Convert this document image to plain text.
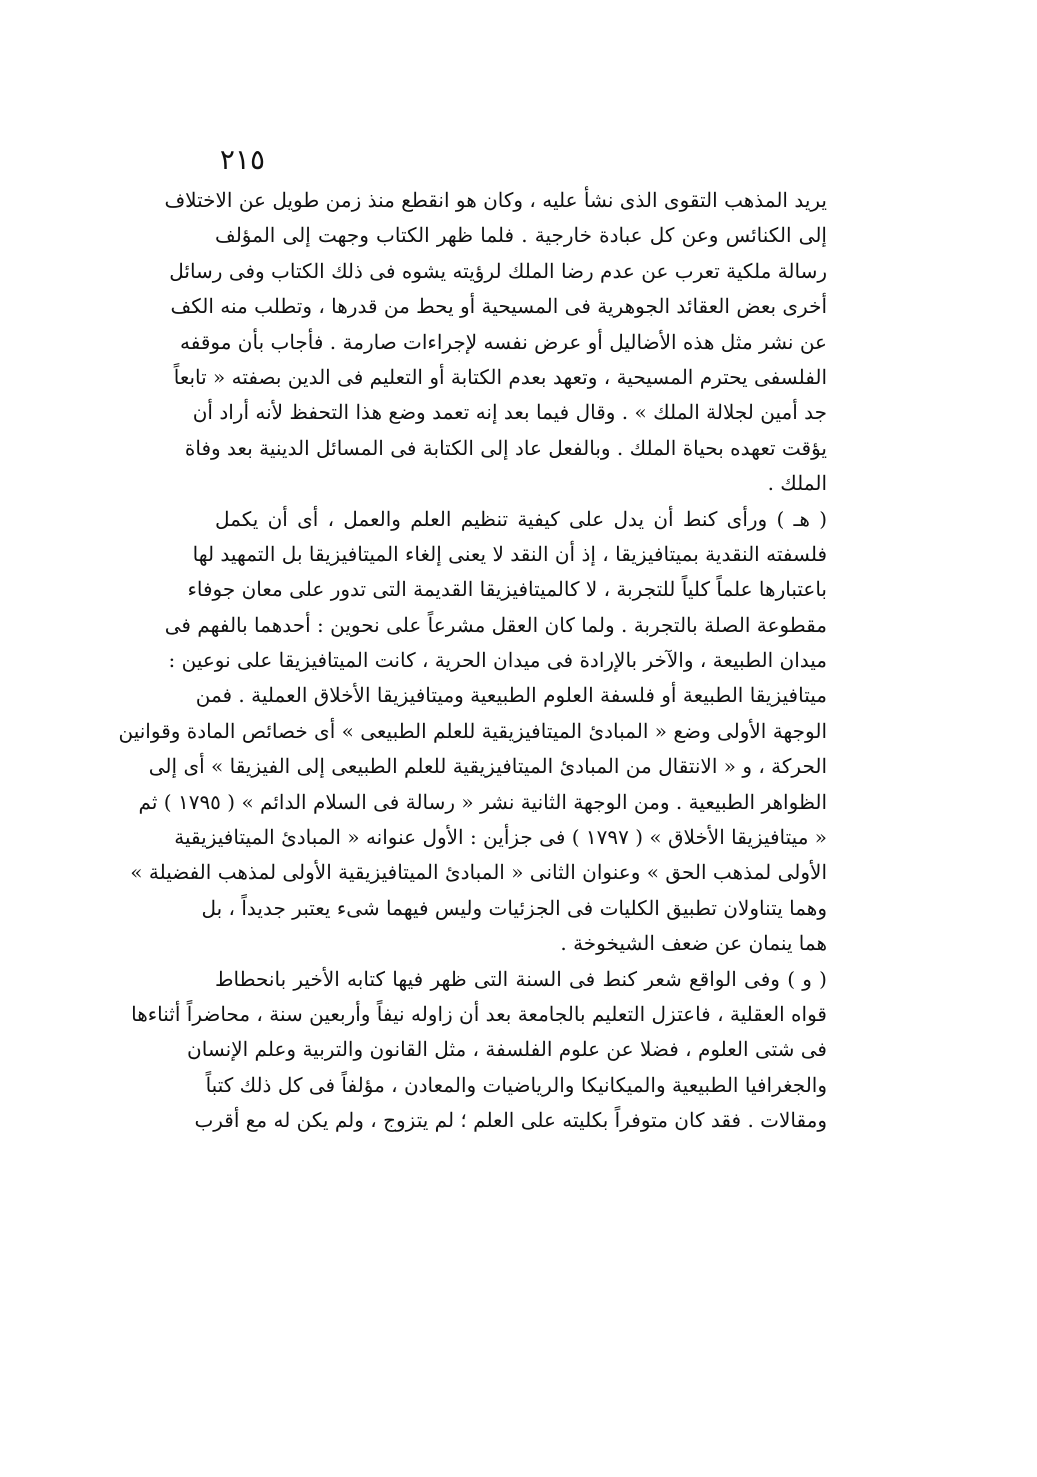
٢١٥
يريد المذهب التقوى الذى نشأ عليه ، وكان هو انقطع منذ زمن طويل عن الاختلاف
إلى الكنائس وعن كل عبادة خارجية . فلما ظهر الكتاب وجهت إلى المؤلف
رسالة ملكية تعرب عن عدم رضا الملك لرؤيته يشوه فى ذلك الكتاب وفى رسائل
أخرى بعض العقائد الجوهرية فى المسيحية أو يحط من قدرها ، وتطلب منه الكف
عن نشر مثل هذه الأضاليل أو عرض نفسه لإجراءات صارمة . فأجاب بأن موقفه
الفلسفى يحترم المسيحية ، وتعهد بعدم الكتابة أو التعليم فى الدين بصفته « تابعاً
جد أمين لجلالة الملك » . وقال فيما بعد إنه تعمد وضع هذا التحفظ لأنه أراد أن
يؤقت تعهده بحياة الملك . وبالفعل عاد إلى الكتابة فى المسائل الدينية بعد وفاة
الملك .
( هـ ) ورأى كنط أن يدل على كيفية تنظيم العلم والعمل ، أى أن يكمل
فلسفته النقدية بميتافيزيقا ، إذ أن النقد لا يعنى إلغاء الميتافيزيقا بل التمهيد لها
باعتبارها علماً كلياً للتجربة ، لا كالميتافيزيقا القديمة التى تدور على معان جوفاء
مقطوعة الصلة بالتجربة . ولما كان العقل مشرعاً على نحوين : أحدهما بالفهم فى
ميدان الطبيعة ، والآخر بالإرادة فى ميدان الحرية ، كانت الميتافيزيقا على نوعين :
ميتافيزيقا الطبيعة أو فلسفة العلوم الطبيعية وميتافيزيقا الأخلاق العملية . فمن
الوجهة الأولى وضع « المبادئ الميتافيزيقية للعلم الطبيعى » أى خصائص المادة وقوانين
الحركة ، و « الانتقال من المبادئ الميتافيزيقية للعلم الطبيعى إلى الفيزيقا » أى إلى
الظواهر الطبيعية . ومن الوجهة الثانية نشر « رسالة فى السلام الدائم » ( ١٧٩٥ ) ثم
« ميتافيزيقا الأخلاق » ( ١٧٩٧ ) فى جزأين : الأول عنوانه « المبادئ الميتافيزيقية
الأولى لمذهب الحق » وعنوان الثانى « المبادئ الميتافيزيقية الأولى لمذهب الفضيلة »
وهما يتناولان تطبيق الكليات فى الجزئيات وليس فيهما شىء يعتبر جديداً ، بل
هما ينمان عن ضعف الشيخوخة .
( و ) وفى الواقع شعر كنط فى السنة التى ظهر فيها كتابه الأخير بانحطاط
قواه العقلية ، فاعتزل التعليم بالجامعة بعد أن زاوله نيفاً وأربعين سنة ، محاضراً أثناءها
فى شتى العلوم ، فضلا عن علوم الفلسفة ، مثل القانون والتربية وعلم الإنسان
والجغرافيا الطبيعية والميكانيكا والرياضيات والمعادن ، مؤلفاً فى كل ذلك كتباً
ومقالات . فقد كان متوفراً بكليته على العلم ؛ لم يتزوج ، ولم يكن له مع أقرب
